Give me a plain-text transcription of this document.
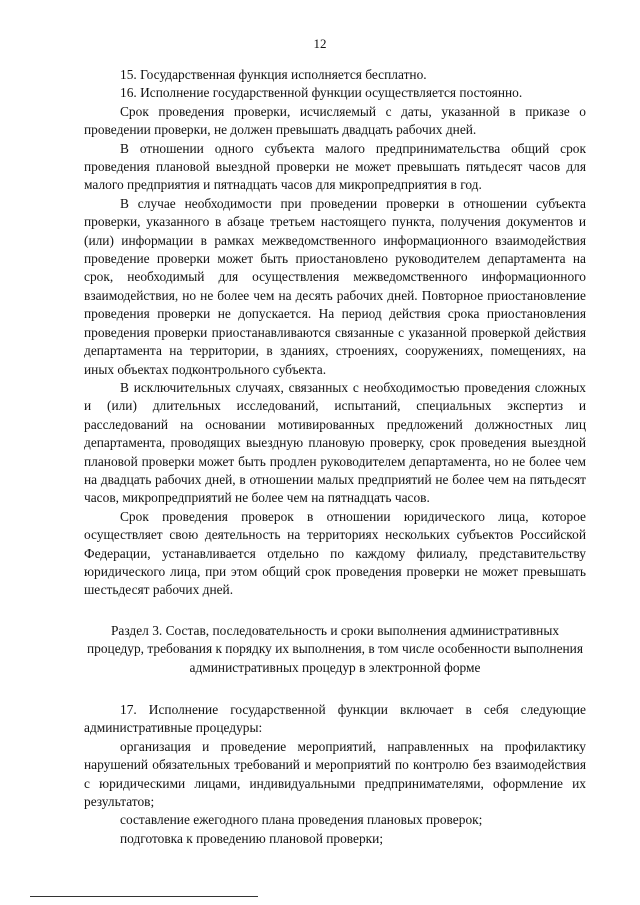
12

15. Государственная функция исполняется бесплатно.

16. Исполнение государственной функции осуществляется постоянно.

Срок проведения проверки, исчисляемый с даты, указанной в приказе о проведении проверки, не должен превышать двадцать рабочих дней.

В отношении одного субъекта малого предпринимательства общий срок проведения плановой выездной проверки не может превышать пятьдесят часов для малого предприятия и пятнадцать часов для микропредприятия в год.

В случае необходимости при проведении проверки в отношении субъекта проверки, указанного в абзаце третьем настоящего пункта, получения документов и (или) информации в рамках межведомственного информационного взаимодействия проведение проверки может быть приостановлено руководителем департамента на срок, необходимый для осуществления межведомственного информационного взаимодействия, но не более чем на десять рабочих дней. Повторное приостановление проведения проверки не допускается. На период действия срока приостановления проведения проверки приостанавливаются связанные с указанной проверкой действия департамента на территории, в зданиях, строениях, сооружениях, помещениях, на иных объектах подконтрольного субъекта.

В исключительных случаях, связанных с необходимостью проведения сложных и (или) длительных исследований, испытаний, специальных экспертиз и расследований на основании мотивированных предложений должностных лиц департамента, проводящих выездную плановую проверку, срок проведения выездной плановой проверки может быть продлен руководителем департамента, но не более чем на двадцать рабочих дней, в отношении малых предприятий не более чем на пятьдесят часов, микропредприятий не более чем на пятнадцать часов.

Срок проведения проверок в отношении юридического лица, которое осуществляет свою деятельность на территориях нескольких субъектов Российской Федерации, устанавливается отдельно по каждому филиалу, представительству юридического лица, при этом общий срок проведения проверки не может превышать шестьдесят рабочих дней.

Раздел 3. Состав, последовательность и сроки выполнения административных процедур, требования к порядку их выполнения, в том числе особенности выполнения административных процедур в электронной форме

17. Исполнение государственной функции включает в себя следующие административные процедуры:

организация и проведение мероприятий, направленных на профилактику нарушений обязательных требований и мероприятий по контролю без взаимодействия с юридическими лицами, индивидуальными предпринимателями, оформление их результатов;

составление ежегодного плана проведения плановых проверок;

подготовка к проведению плановой проверки;
